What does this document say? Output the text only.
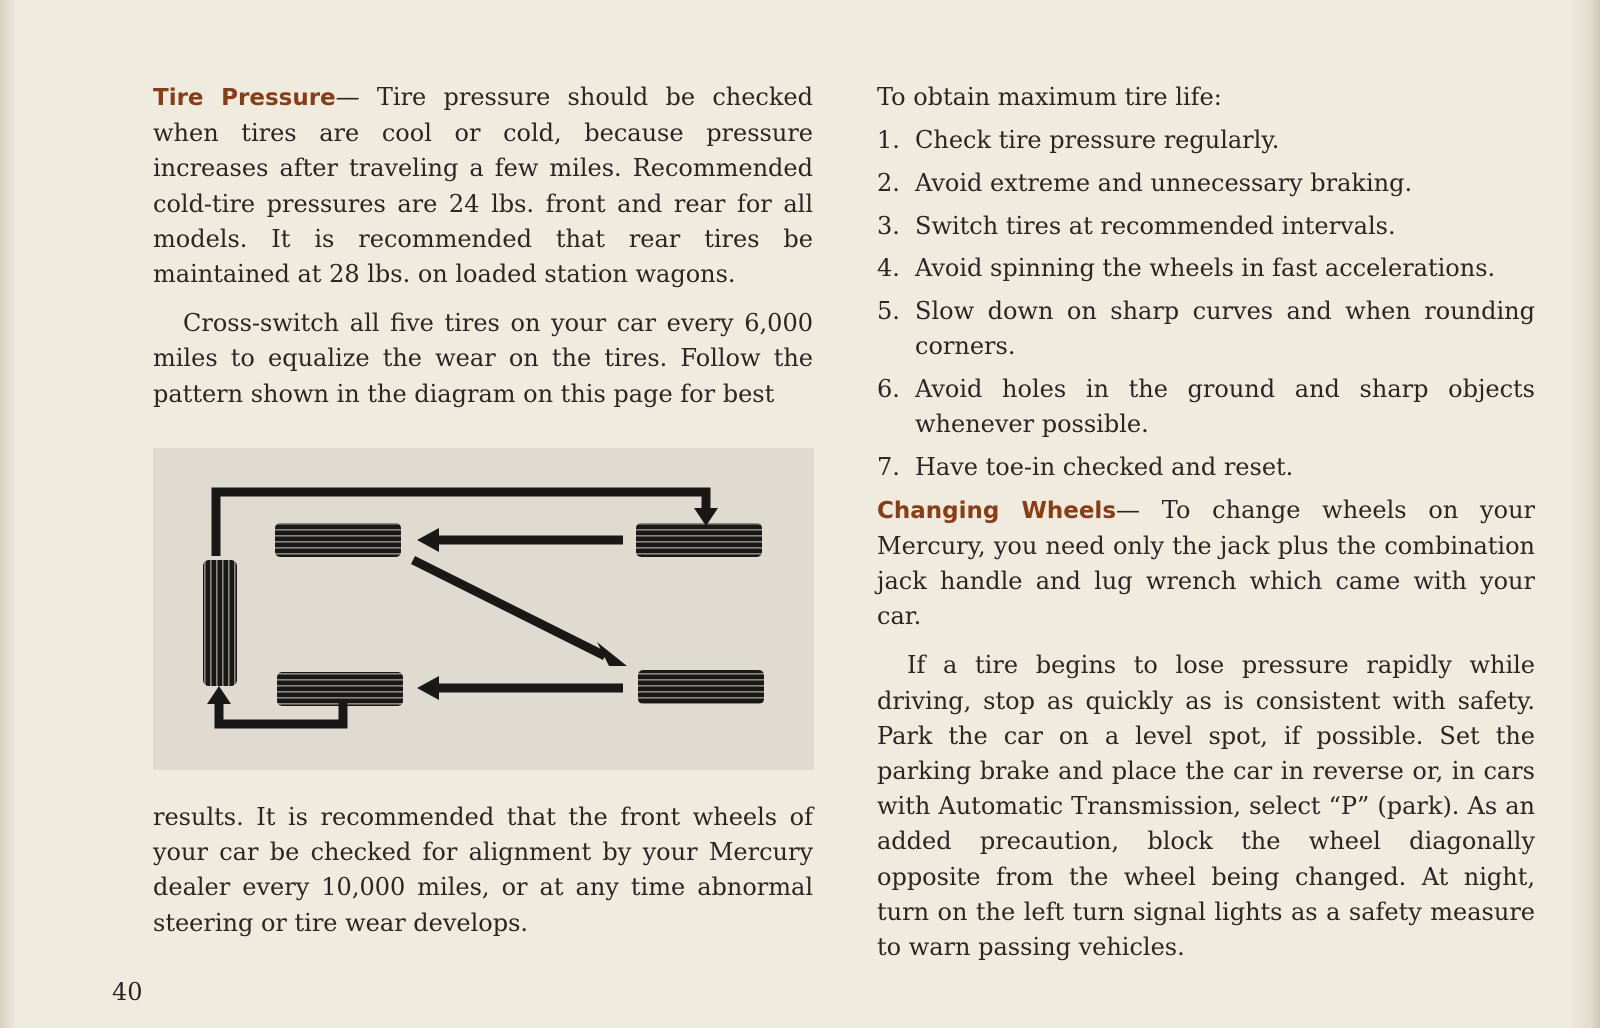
Tire Pressure— Tire pressure should be checked when tires are cool or cold, because pressure increases after traveling a few miles. Recommended cold-tire pressures are 24 lbs. front and rear for all models. It is recommended that rear tires be maintained at 28 lbs. on loaded station wagons.

Cross-switch all five tires on your car every 6,000 miles to equalize the wear on the tires. Follow the pattern shown in the diagram on this page for best

results. It is recommended that the front wheels of your car be checked for alignment by your Mercury dealer every 10,000 miles, or at any time abnormal steering or tire wear develops.

To obtain maximum tire life:

1. Check tire pressure regularly.
2. Avoid extreme and unnecessary braking.
3. Switch tires at recommended intervals.
4. Avoid spinning the wheels in fast accelerations.
5. Slow down on sharp curves and when rounding corners.
6. Avoid holes in the ground and sharp objects whenever possible.
7. Have toe-in checked and reset.

Changing Wheels— To change wheels on your Mercury, you need only the jack plus the combination jack handle and lug wrench which came with your car.

If a tire begins to lose pressure rapidly while driving, stop as quickly as is consistent with safety. Park the car on a level spot, if possible. Set the parking brake and place the car in reverse or, in cars with Automatic Transmission, select “P” (park). As an added precaution, block the wheel diagonally opposite from the wheel being changed. At night, turn on the left turn signal lights as a safety measure to warn passing vehicles.

40
